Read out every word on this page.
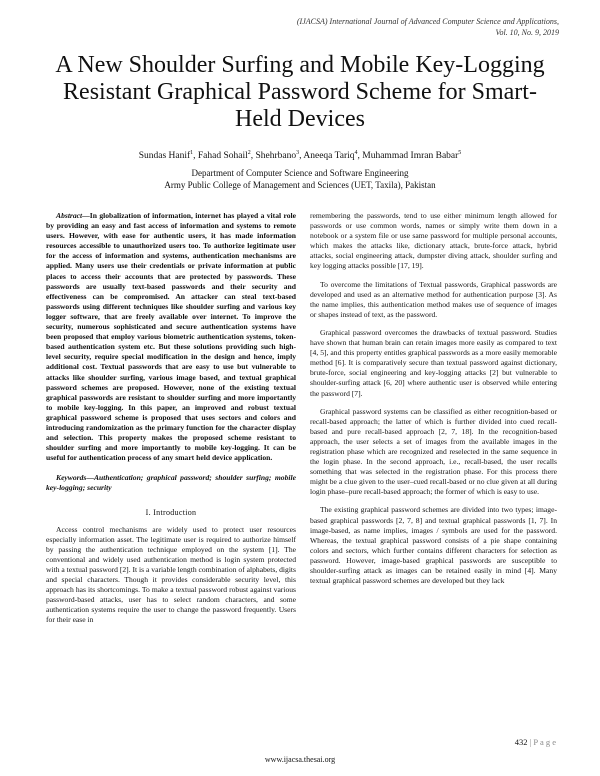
(IJACSA) International Journal of Advanced Computer Science and Applications,
Vol. 10, No. 9, 2019
A New Shoulder Surfing and Mobile Key-Logging Resistant Graphical Password Scheme for Smart-Held Devices
Sundas Hanif$^1$, Fahad Sohail$^2$, Shehrbano$^3$, Aneeqa Tariq$^4$, Muhammad Imran Babar$^5$
Department of Computer Science and Software Engineering
Army Public College of Management and Sciences (UET, Taxila), Pakistan

Abstract—In globalization of information, internet has played a vital role by providing an easy and fast access of information and systems to remote users. However, with ease for authentic users, it has made information resources accessible to unauthorized users too. To authorize legitimate user for the access of information and systems, authentication mechanisms are applied. Many users use their credentials or private information at public places to access their accounts that are protected by passwords. These passwords are usually text-based passwords and their security and effectiveness can be compromised. An attacker can steal text-based passwords using different techniques like shoulder surfing and various key logger software, that are freely available over internet. To improve the security, numerous sophisticated and secure authentication systems have been proposed that employ various biometric authentication systems, token-based authentication system etc. But these solutions providing such high-level security, require special modification in the design and hence, imply additional cost. Textual passwords that are easy to use but vulnerable to attacks like shoulder surfing, various image based, and textual graphical password schemes are proposed. However, none of the existing textual graphical passwords are resistant to shoulder surfing and more importantly to mobile key-logging. In this paper, an improved and robust textual graphical password scheme is proposed that uses sectors and colors and introducing randomization as the primary function for the character display and selection. This property makes the proposed scheme resistant to shoulder surfing and more importantly to mobile key-logging. It can be useful for authentication process of any smart held device application.

Keywords—Authentication; graphical password; shoulder surfing; mobile key-logging; security

I. Introduction

Access control mechanisms are widely used to protect user resources especially information asset. The legitimate user is required to authorize himself by passing the authentication technique employed on the system [1]. The conventional and widely used authentication method is login system protected with a textual password [2]. It is a variable length combination of alphabets, digits and special characters. Though it provides considerable security level, this approach has its shortcomings. To make a textual password robust against various password-based attacks, user has to select random characters, and some authentication systems require the user to change the password frequently. Users for their ease in

remembering the passwords, tend to use either minimum length allowed for passwords or use common words, names or simply write them down in a notebook or a system file or use same password for multiple personal accounts, which makes the attacks like, dictionary attack, brute-force attack, hybrid attacks, social engineering attack, dumpster diving attack, shoulder surfing and key logging attacks possible [17, 19].

To overcome the limitations of Textual passwords, Graphical passwords are developed and used as an alternative method for authentication purpose [3]. As the name implies, this authentication method makes use of sequence of images or shapes instead of text, as the password.

Graphical password overcomes the drawbacks of textual password. Studies have shown that human brain can retain images more easily as compared to text [4, 5], and this property entitles graphical passwords as a more easily memorable method [6]. It is comparatively secure than textual password against dictionary, brute-force, social engineering and key-logging attacks [2] but vulnerable to shoulder-surfing attack [6, 20] where authentic user is observed while entering the password [7].

Graphical password systems can be classified as either recognition-based or recall-based approach; the latter of which is further divided into cued recall-based and pure recall-based approach [2, 7, 18]. In the recognition-based approach, the user selects a set of images from the available images in the registration phase which are recognized and reselected in the same sequence in the login phase. In the second approach, i.e., recall-based, the user recalls something that was selected in the registration phase. For this process there might be a clue given to the user–cued recall-based or no clue given at all during login phase–pure recall-based approach; the former of which is easy to use.

The existing graphical password schemes are divided into two types; image-based graphical passwords [2, 7, 8] and textual graphical passwords [1, 7]. In image-based, as name implies, images / symbols are used for the password. Whereas, the textual graphical password consists of a pie shape containing colors and sectors, which further contains different characters for selection as password. However, image-based graphical passwords are susceptible to shoulder-surfing attack as images can be retained easily in mind [4]. Many textual graphical password schemes are developed but they lack

432 | P a g e
www.ijacsa.thesai.org
